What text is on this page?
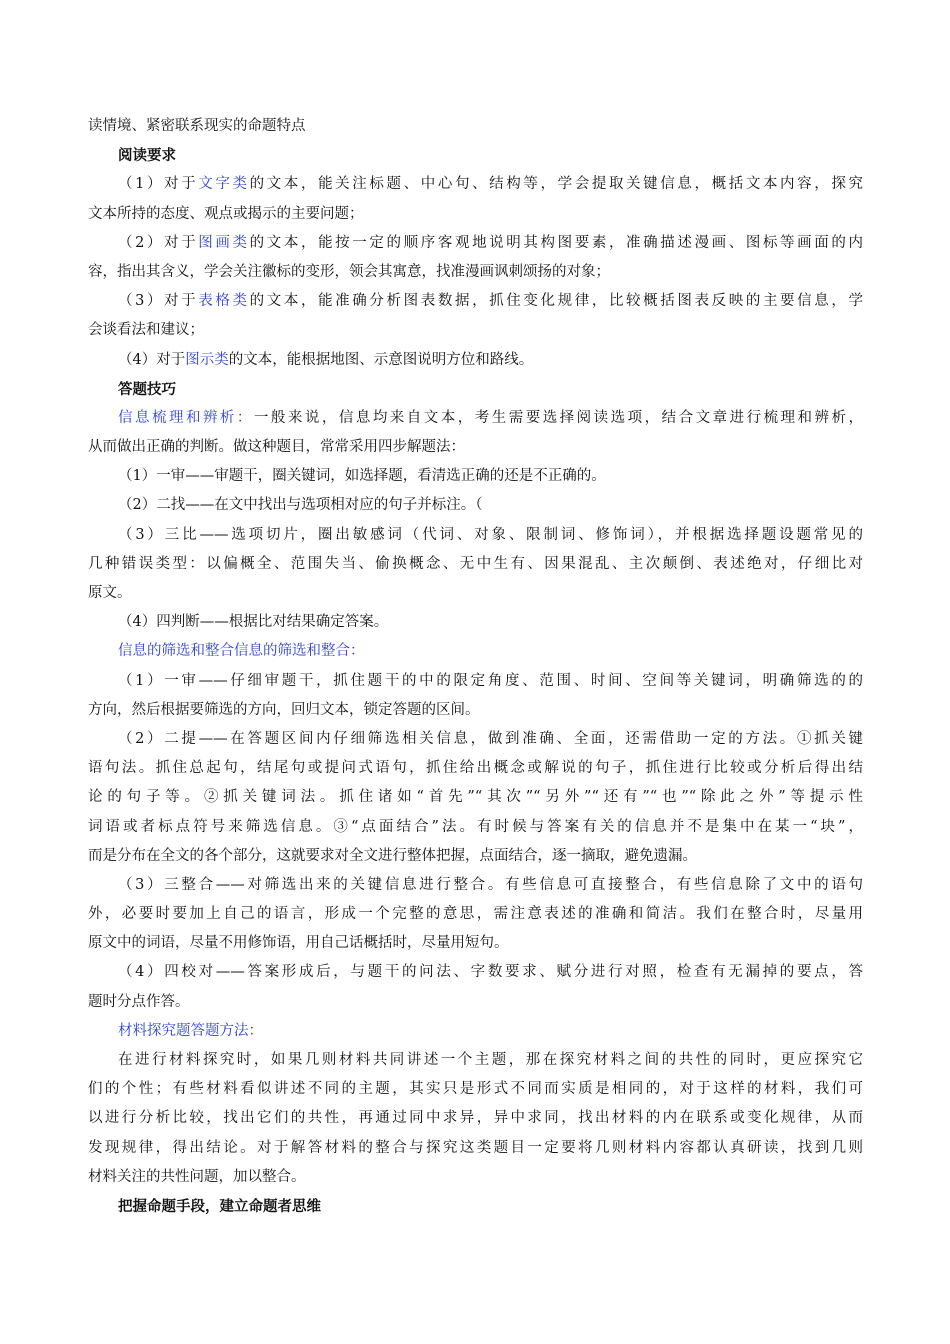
读情境、紧密联系现实的命题特点
阅读要求
（1）对于文字类的文本，能关注标题、中心句、结构等，学会提取关键信息，概括文本内容，探究
文本所持的态度、观点或揭示的主要问题；
（2）对于图画类的文本，能按一定的顺序客观地说明其构图要素，准确描述漫画、图标等画面的内
容，指出其含义，学会关注徽标的变形，领会其寓意，找准漫画讽刺颂扬的对象；
（3）对于表格类的文本，能准确分析图表数据，抓住变化规律，比较概括图表反映的主要信息，学
会谈看法和建议；
（4）对于图示类的文本，能根据地图、示意图说明方位和路线。
答题技巧
信息梳理和辨析：一般来说，信息均来自文本，考生需要选择阅读选项，结合文章进行梳理和辨析，
从而做出正确的判断。做这种题目，常常采用四步解题法：
（1）一审——审题干，圈关键词，如选择题，看清选正确的还是不正确的。
（2）二找——在文中找出与选项相对应的句子并标注。（
（3）三比——选项切片，圈出敏感词（代词、对象、限制词、修饰词），并根据选择题设题常见的
几种错误类型：以偏概全、范围失当、偷换概念、无中生有、因果混乱、主次颠倒、表述绝对，仔细比对
原文。
（4）四判断——根据比对结果确定答案。
信息的筛选和整合信息的筛选和整合：
（1）一审——仔细审题干，抓住题干的中的限定角度、范围、时间、空间等关键词，明确筛选的的
方向，然后根据要筛选的方向，回归文本，锁定答题的区间。
（2）二提——在答题区间内仔细筛选相关信息，做到准确、全面，还需借助一定的方法。①抓关键
语句法。抓住总起句，结尾句或提问式语句，抓住给出概念或解说的句子，抓住进行比较或分析后得出结
论的句子等。②抓关键词法。抓住诸如“首先”“其次”“另外”“还有”“也”“除此之外”等提示性
词语或者标点符号来筛选信息。③“点面结合”法。有时候与答案有关的信息并不是集中在某一“块”，
而是分布在全文的各个部分，这就要求对全文进行整体把握，点面结合，逐一摘取，避免遗漏。
（3）三整合——对筛选出来的关键信息进行整合。有些信息可直接整合，有些信息除了文中的语句
外，必要时要加上自己的语言，形成一个完整的意思，需注意表述的准确和简洁。我们在整合时，尽量用
原文中的词语，尽量不用修饰语，用自己话概括时，尽量用短句。
（4）四校对——答案形成后，与题干的问法、字数要求、赋分进行对照，检查有无漏掉的要点，答
题时分点作答。
材料探究题答题方法：
在进行材料探究时，如果几则材料共同讲述一个主题，那在探究材料之间的共性的同时，更应探究它
们的个性；有些材料看似讲述不同的主题，其实只是形式不同而实质是相同的，对于这样的材料，我们可
以进行分析比较，找出它们的共性，再通过同中求异，异中求同，找出材料的内在联系或变化规律，从而
发现规律，得出结论。对于解答材料的整合与探究这类题目一定要将几则材料内容都认真研读，找到几则
材料关注的共性问题，加以整合。
把握命题手段，建立命题者思维
